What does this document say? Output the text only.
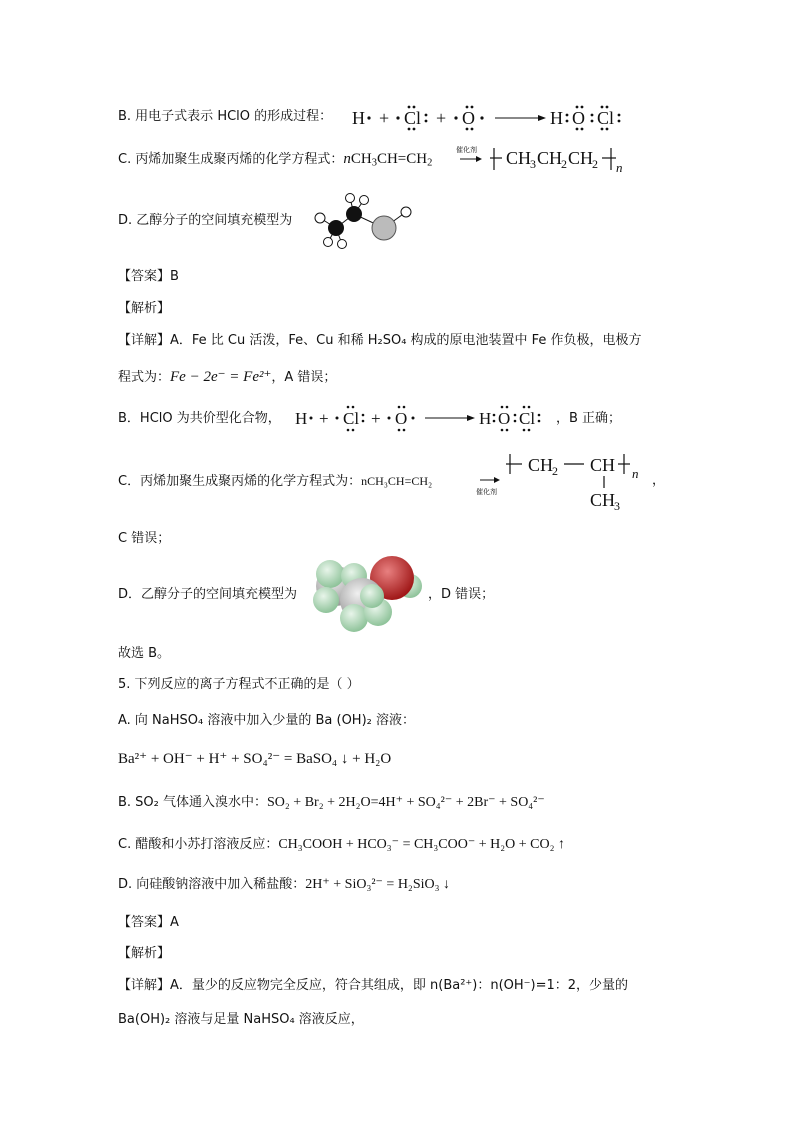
B. 用电子式表示 HClO 的形成过程： H + Cl + O	H O Cl
C. 丙烯加聚生成聚丙烯的化学方程式：$nCH_3CH=CH_2$
催化剂 CH
3 CH
2 CH
2 n
D. 乙醇分子的空间填充模型为
【答案】B
【解析】
【详解】A．Fe 比 Cu 活泼，Fe、Cu 和稀 H₂SO₄ 构成的原电池装置中 Fe 作负极，电极方
程式为：Fe − 2e⁻ = Fe²⁺，A 错误；
B．HClO 为共价型化合物， H + Cl + O	H O Cl ，B 正确；
C．丙烯加聚生成聚丙烯的化学方程式为：nCH₃CH=CH₂
催化剂
CH
2 CH n
CH
3
，
C 错误；
D．乙醇分子的空间填充模型为	，D 错误；
故选 B。
5. 下列反应的离子方程式不正确的是（ ）
A. 向 NaHSO₄ 溶液中加入少量的 Ba (OH)₂ 溶液：
Ba²⁺ + OH⁻ + H⁺ + SO₄²⁻ = BaSO₄ ↓ + H₂O
B. SO₂ 气体通入溴水中：SO₂ + Br₂ + 2H₂O=4H⁺ + SO₄²⁻ + 2Br⁻ + SO₄²⁻
C. 醋酸和小苏打溶液反应：CH₃COOH + HCO₃⁻ = CH₃COO⁻ + H₂O + CO₂ ↑
D. 向硅酸钠溶液中加入稀盐酸：2H⁺ + SiO₃²⁻ = H₂SiO₃ ↓
【答案】A
【解析】
【详解】A．量少的反应物完全反应，符合其组成，即 n(Ba²⁺)：n(OH⁻)=1：2，少量的
Ba(OH)₂ 溶液与足量 NaHSO₄ 溶液反应，
